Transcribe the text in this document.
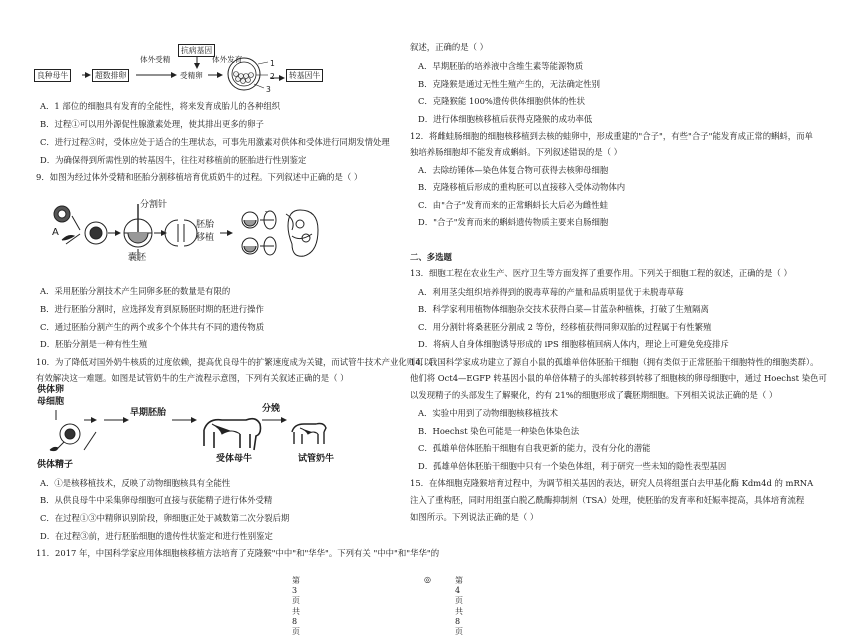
良种母牛	超数排卵
抗病基因
转基因牛
体外受精
受精卵
体外发育	1
2
3
A．1 部位的细胞具有发育的全能性，将来发育成胎儿的各种组织
B．过程①可以用外源促性腺激素处理，使其排出更多的卵子
C．进行过程③时，受体应处于适合的生理状态，可事先用激素对供体和受体进行同期发情处理
D．为确保得到所需性别的转基因牛，往往对移植前的胚胎进行性别鉴定
9．如图为经过体外受精和胚胎分割移植培育优质奶牛的过程。下列叙述中正确的是（ ）
A
分割针
胚胎
移植
囊胚
A．采用胚胎分割技术产生同卵多胚的数量是有限的
B．进行胚胎分割时，应选择发育到原肠胚时期的胚进行操作
C．通过胚胎分割产生的两个或多个个体共有不同的遗传物质
D．胚胎分割是一种有性生殖
10．为了降低对国外奶牛核质的过度依赖，提高优良母牛的扩繁速度成为关键，而试管牛技术产业化则可以
有效解决这一难题。如图是试管奶牛的生产流程示意图，下列有关叙述正确的是（ ）
供体卵
母细胞
供体精子
早期胚胎
受体母牛
分娩
试管奶牛
A．①是核移植技术，反映了动物细胞核具有全能性
B．从供良母牛中采集卵母细胞可直接与获能精子进行体外受精
C．在过程①③中精卵识别阶段，卵细胞正处于减数第二次分裂后期
D．在过程③前，进行胚胎细胞的遗传性状鉴定和进行性别鉴定
11．2017 年，中国科学家应用体细胞核移植方法培育了克隆猴"中中"和"华华"。下列有关 "中中"和"华华"的
第 3页 共 8页
◎
叙述，正确的是（ ）
A．早期胚胎的培养液中含维生素等能源物质
B．克隆猴是通过无性生殖产生的，无法确定性别
C．克隆猴能 100%遗传供体细胞供体的性状
D．进行体细胞核移植后获得克隆猴的成功率低
12．将雌蛙肠细胞的细胞核移植到去核的蛙卵中，形成重建的"合子"，有些"合子"能发育成正常的蝌蚪，而单
独培养肠细胞却不能发育成蝌蚪。下列叙述错误的是（ ）
A．去除纺锤体—染色体复合物可获得去核卵母细胞
B．克隆移植后形成的重构胚可以直接移入受体动物体内
C．由"合子"发育而来的正常蝌蚪长大后必为雌性蛙
D．"合子"发育而来的蝌蚪遗传物质主要来自肠细胞
二、多选题
13．细胞工程在农业生产、医疗卫生等方面发挥了重要作用。下列关于细胞工程的叙述，正确的是（ ）
A．利用茎尖组织培养得到的脱毒草莓的产量和品质明显优于未脱毒草莓
B．科学家利用植物体细胞杂交技术获得白菜—甘蓝杂种植株，打破了生殖隔离
C．用分割针将桑葚胚分割成 2 等份，经移植获得同卵双胎的过程属于有性繁殖
D．将病人自身体细胞诱导形成的 iPS 细胞移植回病人体内，理论上可避免免疫排斥
14．我国科学家成功建立了源自小鼠的孤雄单倍体胚胎干细胞（拥有类似于正常胚胎干细胞特性的细胞类群）。
他们将 Oct4—EGFP 转基因小鼠的单倍体精子的头部转移到转移了细胞核的卵母细胞中，通过 Hoechst 染色可
以发现精子的头部发生了解聚化，约有 21%的细胞形成了囊胚期细胞。下列相关说法正确的是（ ）
A．实验中用到了动物细胞核移植技术
B．Hoechst 染色可能是一种染色体染色法
C．孤雄单倍体胚胎干细胞有自我更新的能力，没有分化的潜能
D．孤雄单倍体胚胎干细胞中只有一个染色体组，利于研究一些未知的隐性表型基因
15．在体细胞克隆猴培育过程中，为调节相关基因的表达，研究人员将组蛋白去甲基化酶 Kdm4d 的 mRNA
注入了重构胚，同时用组蛋白脱乙酰酶抑制剂（TSA）处理，使胚胎的发育率和妊娠率提高，具体培育流程
如图所示。下列说法正确的是（ ）
第 4页 共 8页
